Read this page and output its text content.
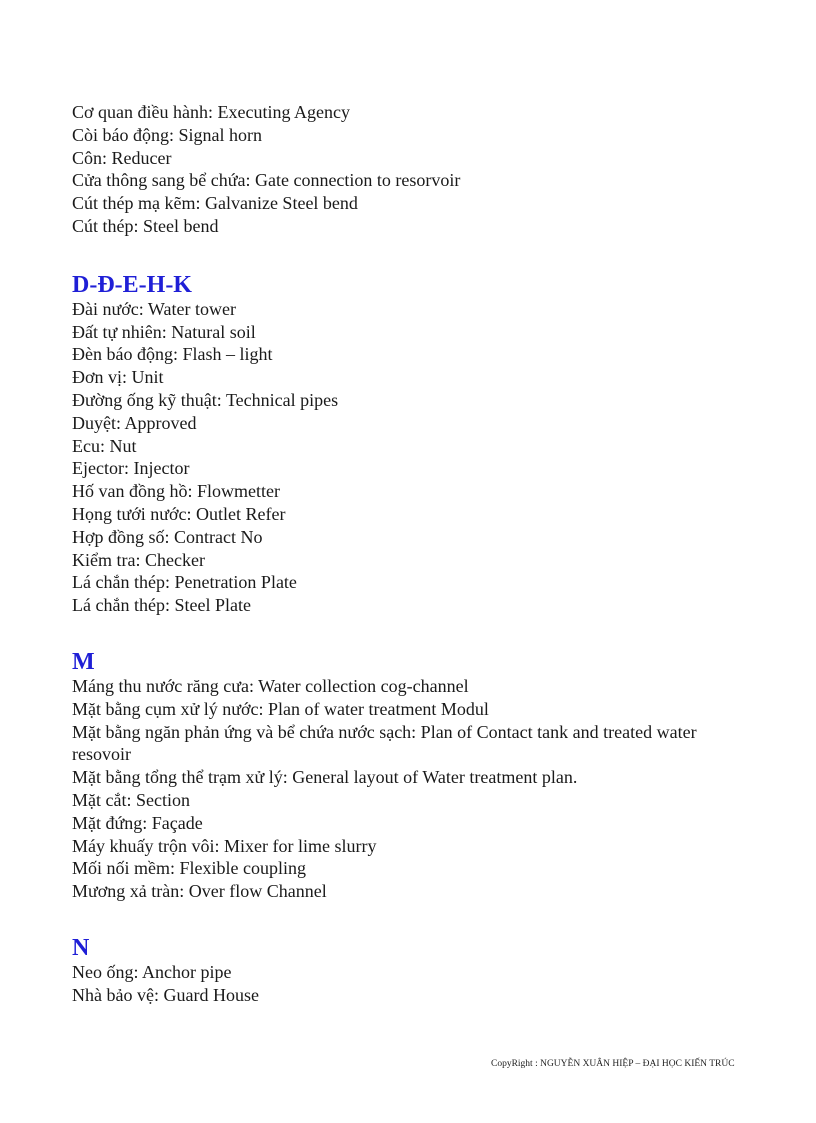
Cơ quan điều hành: Executing Agency

Còi báo động: Signal horn

Côn: Reducer

Cửa thông sang bể chứa: Gate connection to resorvoir

Cút thép mạ kẽm: Galvanize Steel bend

Cút thép: Steel bend

D-Đ-E-H-K

Đài nước: Water tower

Đất tự nhiên: Natural soil

Đèn báo động: Flash – light

Đơn vị: Unit

Đường ống kỹ thuật: Technical pipes

Duyệt: Approved

Ecu: Nut

Ejector: Injector

Hố van đồng hồ: Flowmetter

Họng tưới nước: Outlet Refer

Hợp đồng số: Contract No

Kiểm tra: Checker

Lá chắn thép: Penetration Plate

Lá chắn thép: Steel Plate

M

Máng thu nước răng cưa: Water collection cog-channel

Mặt bằng cụm xử lý nước: Plan of water treatment Modul

Mặt bằng ngăn phản ứng và bể chứa nước sạch: Plan of Contact tank and treated water resovoir

Mặt bằng tổng thể trạm xử lý: General layout of Water treatment plan.

Mặt cắt: Section

Mặt đứng: Façade

Máy khuấy trộn vôi: Mixer for lime slurry

Mối nối mềm: Flexible coupling

Mương xả tràn: Over flow Channel

N

Neo ống: Anchor pipe

Nhà bảo vệ: Guard House

CopyRight : NGUYỄN XUÂN HIỆP – ĐẠI HỌC KIẾN TRÚC
